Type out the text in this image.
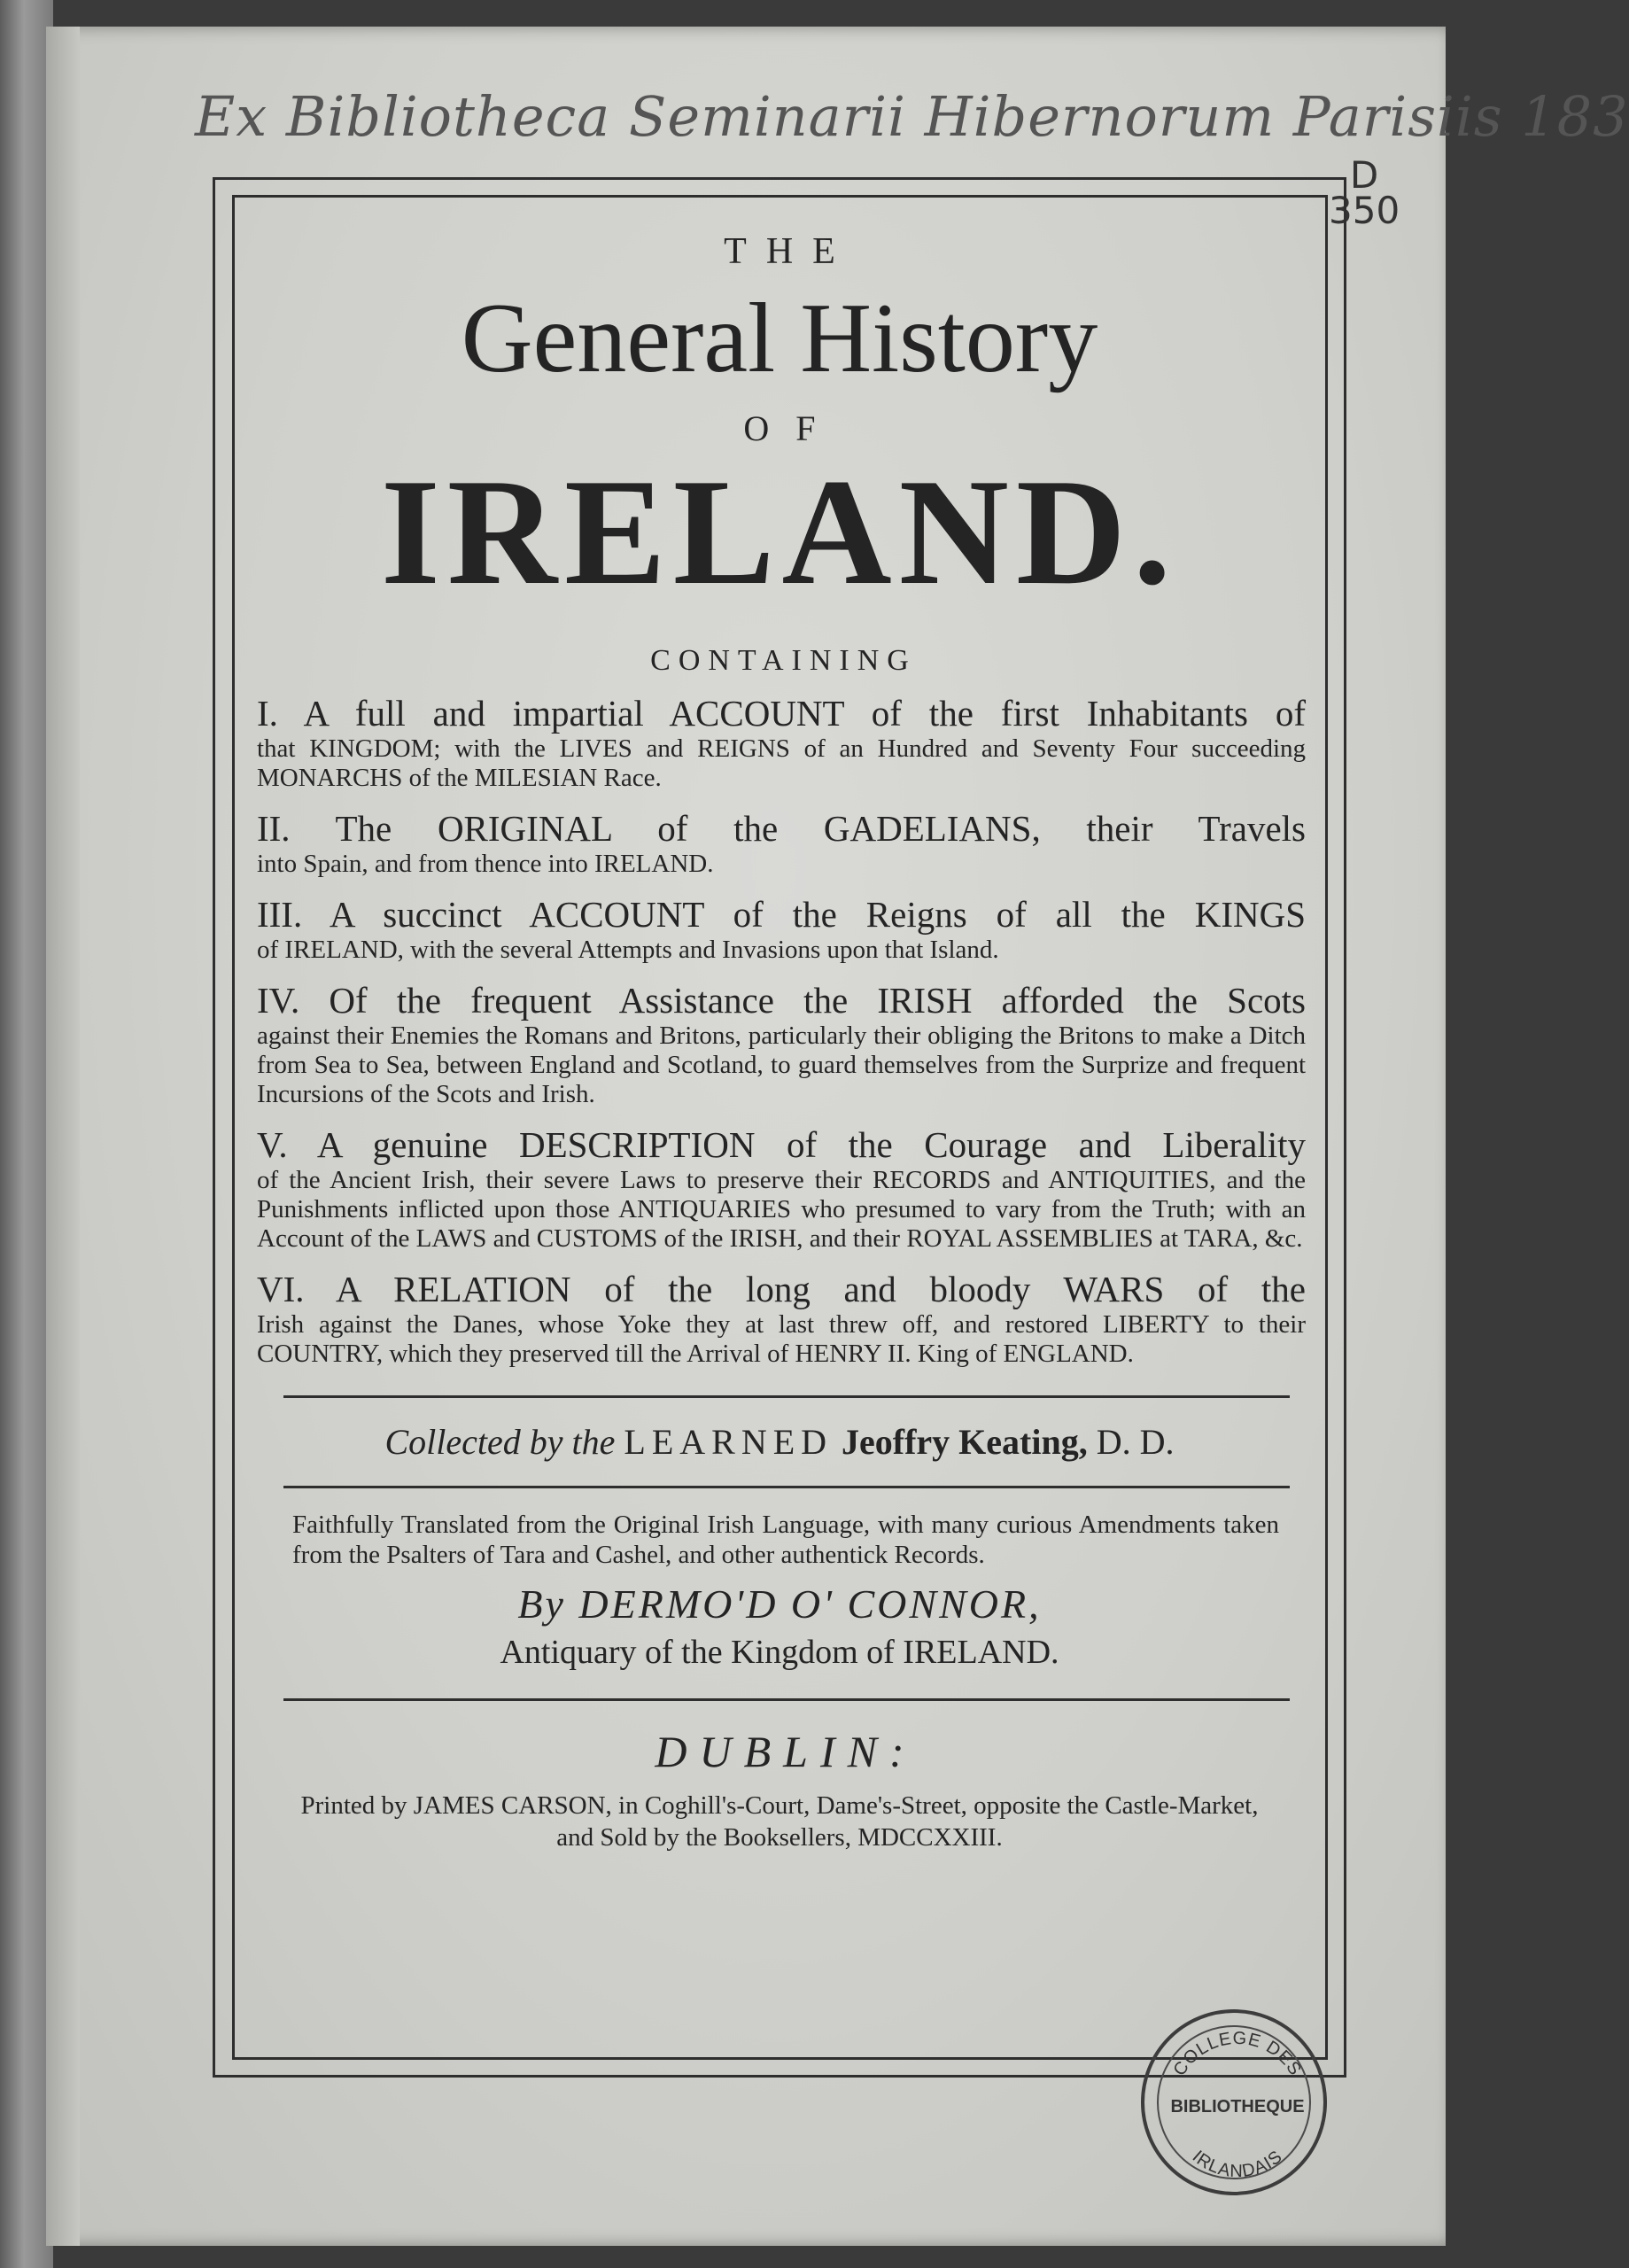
Ex Bibliotheca Seminarii Hibernorum Parisiis 183
D
350
THE
General History
OF
IRELAND.
CONTAINING
I. A full and impartial ACCOUNT of the first Inhabitants of
that KINGDOM; with the LIVES and REIGNS of an Hundred and Seventy Four succeeding MONARCHS of the MILESIAN Race.
II. The ORIGINAL of the GADELIANS, their Travels
into Spain, and from thence into IRELAND.
III. A succinct ACCOUNT of the Reigns of all the KINGS
of IRELAND, with the several Attempts and Invasions upon that Island.
IV. Of the frequent Assistance the IRISH afforded the Scots
against their Enemies the Romans and Britons, particularly their obliging the Britons to make a Ditch from Sea to Sea, between England and Scotland, to guard themselves from the Surprize and frequent Incursions of the Scots and Irish.
V. A genuine DESCRIPTION of the Courage and Liberality
of the Ancient Irish, their severe Laws to preserve their RECORDS and ANTIQUITIES, and the Punishments inflicted upon those ANTIQUARIES who presumed to vary from the Truth; with an Account of the LAWS and CUSTOMS of the IRISH, and their ROYAL ASSEMBLIES at TARA, &c.
VI. A RELATION of the long and bloody WARS of the
Irish against the Danes, whose Yoke they at last threw off, and restored LIBERTY to their COUNTRY, which they preserved till the Arrival of HENRY II. King of ENGLAND.
Collected by the LEARNED Jeoffry Keating, D. D.
Faithfully Translated from the Original Irish Language, with many curious Amendments taken from the Psalters of Tara and Cashel, and other authentick Records.
By DERMO'D O' CONNOR,
Antiquary of the Kingdom of IRELAND.
DUBLIN:
Printed by JAMES CARSON, in Coghill's-Court, Dame's-Street, opposite the Castle-Market,
and Sold by the Booksellers, MDCCXXIII.
COLLEGE DES
BIBLIOTHEQUE
IRLANDAIS
